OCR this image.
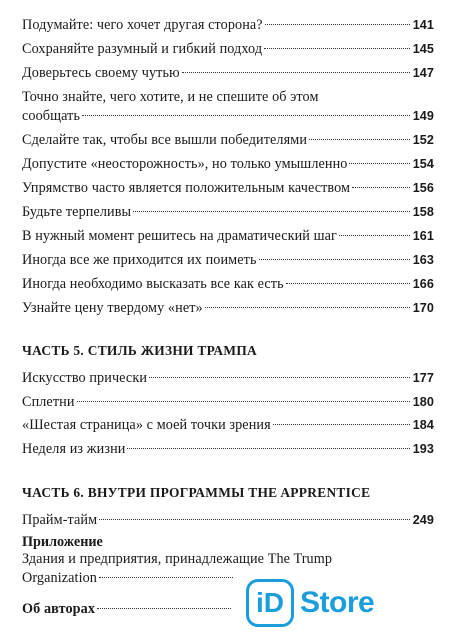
Подумайте: чего хочет другая сторона?	141
Сохраняйте разумный и гибкий подход	145
Доверьтесь своему чутью	147
Точно знайте, чего хотите, и не спешите об этом
сообщать	149
Сделайте так, чтобы все вышли победителями	152
Допустите «неосторожность», но только умышленно	154
Упрямство часто является положительным качеством	156
Будьте терпеливы	158
В нужный момент решитесь на драматический шаг	161
Иногда все же приходится их поиметь	163
Иногда необходимо высказать все как есть	166
Узнайте цену твердому «нет»	170
ЧАСТЬ 5. СТИЛЬ ЖИЗНИ ТРАМПА
Искусство прически	177
Сплетни	180
«Шестая страница» с моей точки зрения	184
Неделя из жизни	193
ЧАСТЬ 6. ВНУТРИ ПРОГРАММЫ THE APPRENTICE
Прайм-тайм	249
Приложение
Здания и предприятия, принадлежащие The Trump
Organization
Об авторах	iD Store
